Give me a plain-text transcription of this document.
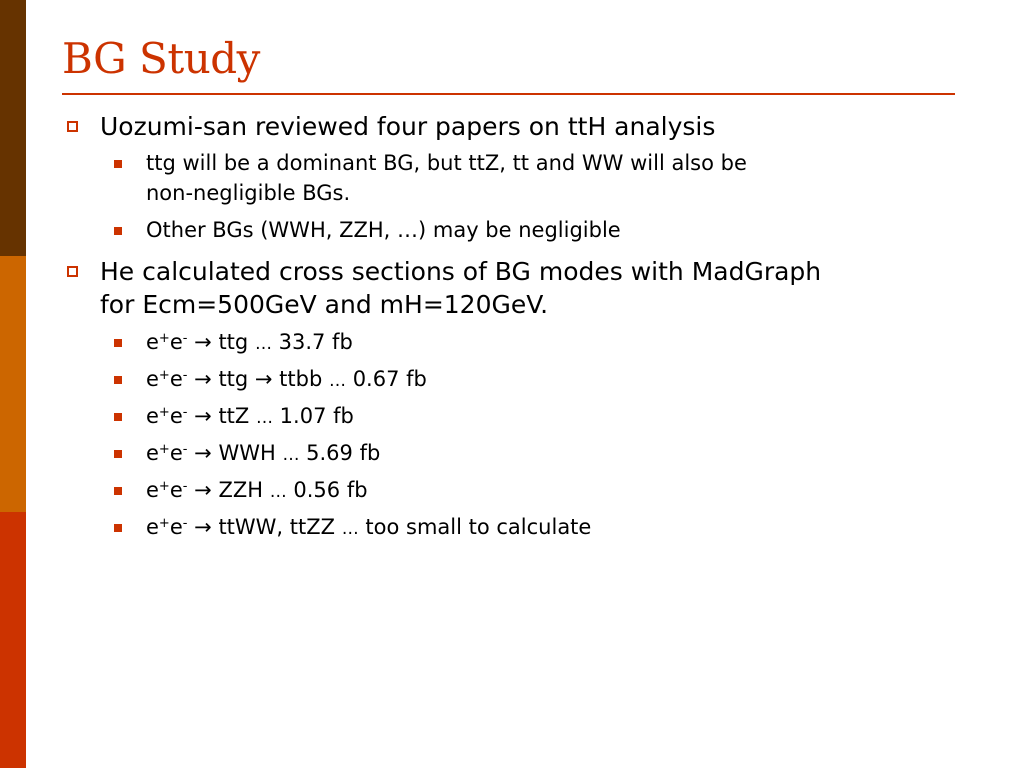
BG Study
Uozumi-san reviewed four papers on ttH analysis
ttg will be a dominant BG, but ttZ, tt and WW will also be
non-negligible BGs.
Other BGs (WWH, ZZH, …) may be negligible
He calculated cross sections of BG modes with MadGraph
for Ecm=500GeV and mH=120GeV.
e+e- → ttg … 33.7 fb
e+e- → ttg → ttbb … 0.67 fb
e+e- → ttZ … 1.07 fb
e+e- → WWH … 5.69 fb
e+e- → ZZH … 0.56 fb
e+e- → ttWW, ttZZ … too small to calculate
